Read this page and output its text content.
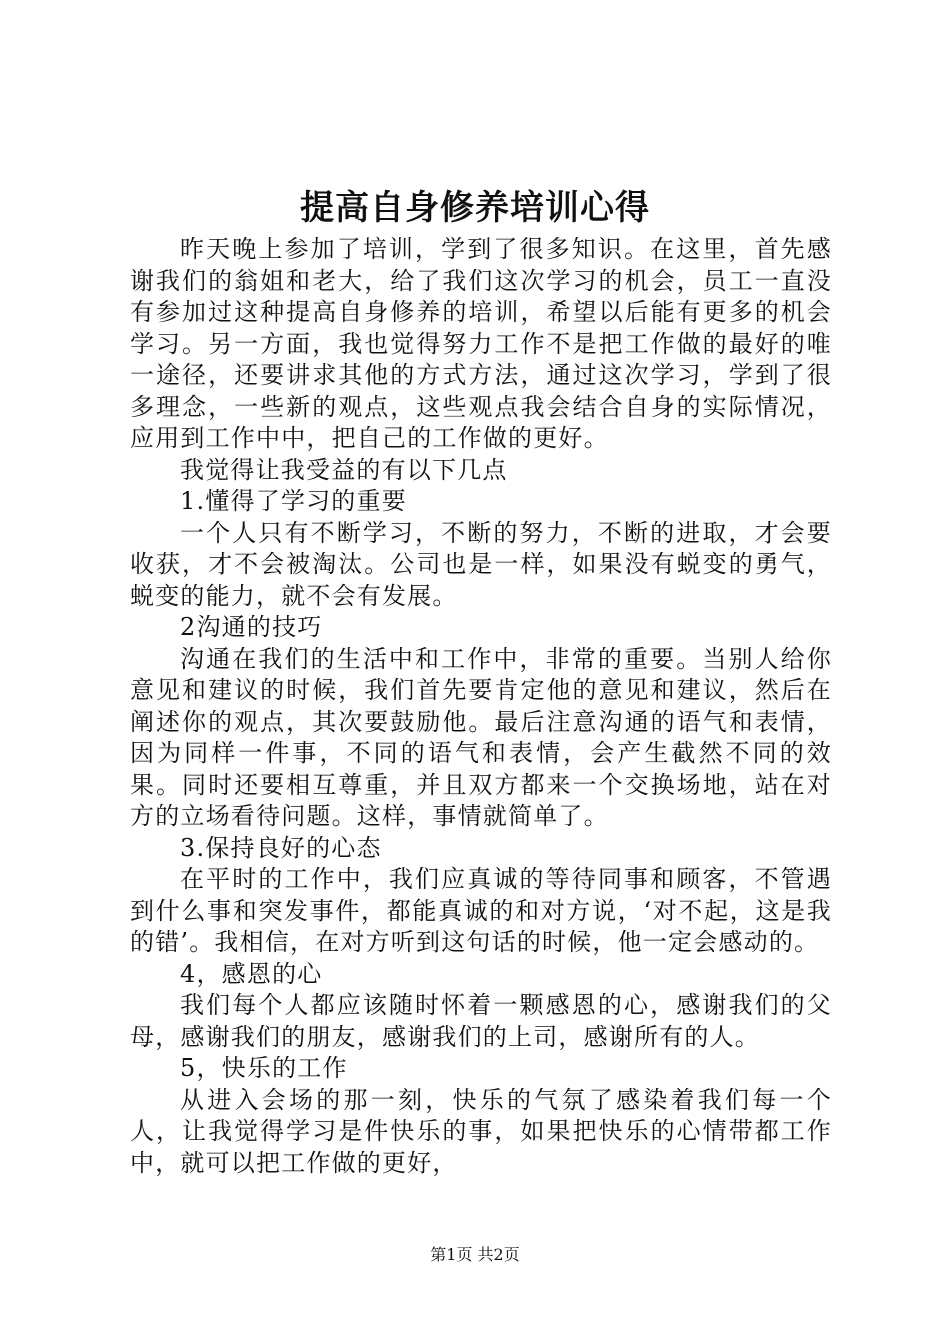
提高自身修养培训心得

昨天晚上参加了培训，学到了很多知识。在这里，首先感谢我们的翁姐和老大，给了我们这次学习的机会，员工一直没有参加过这种提高自身修养的培训，希望以后能有更多的机会学习。另一方面，我也觉得努力工作不是把工作做的最好的唯一途径，还要讲求其他的方式方法，通过这次学习，学到了很多理念，一些新的观点，这些观点我会结合自身的实际情况，应用到工作中中，把自己的工作做的更好。

我觉得让我受益的有以下几点

1.懂得了学习的重要

一个人只有不断学习，不断的努力，不断的进取，才会要收获，才不会被淘汰。公司也是一样，如果没有蜕变的勇气，蜕变的能力，就不会有发展。

2沟通的技巧

沟通在我们的生活中和工作中，非常的重要。当别人给你意见和建议的时候，我们首先要肯定他的意见和建议，然后在阐述你的观点，其次要鼓励他。最后注意沟通的语气和表情，因为同样一件事，不同的语气和表情，会产生截然不同的效果。同时还要相互尊重，并且双方都来一个交换场地，站在对方的立场看待问题。这样，事情就简单了。

3.保持良好的心态

在平时的工作中，我们应真诚的等待同事和顾客，不管遇到什么事和突发事件，都能真诚的和对方说，‘对不起，这是我的错’。我相信，在对方听到这句话的时候，他一定会感动的。

4，感恩的心

我们每个人都应该随时怀着一颗感恩的心，感谢我们的父母，感谢我们的朋友，感谢我们的上司，感谢所有的人。

5，快乐的工作

从进入会场的那一刻，快乐的气氛了感染着我们每一个人，让我觉得学习是件快乐的事，如果把快乐的心情带都工作中，就可以把工作做的更好，

第1页 共2页
